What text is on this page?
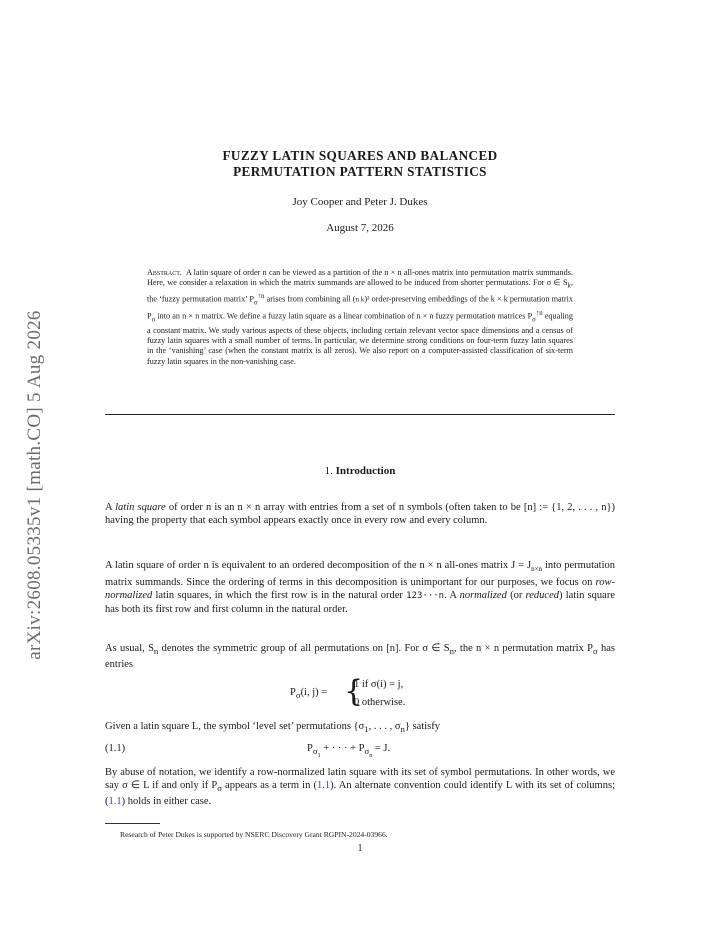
arXiv:2608.05335v1 [math.CO] 5 Aug 2026
FUZZY LATIN SQUARES AND BALANCED
PERMUTATION PATTERN STATISTICS
Joy Cooper and Peter J. Dukes
August 7, 2026
Abstract. A latin square of order n can be viewed as a partition of the n × n all-ones matrix into permutation matrix summands. Here, we consider a relaxation in which the matrix summands are allowed to be induced from shorter permutations. For σ ∈ $S_k$, the ‘fuzzy permutation matrix’ $P_\sigma^{↑n}$ arises from combining all (n k)² order-preserving embeddings of the k × k permutation matrix $P_\sigma$ into an n × n matrix. We define a fuzzy latin square as a linear combination of n × n fuzzy permutation matrices $P_\sigma^{↑n}$ equaling a constant matrix. We study various aspects of these objects, including certain relevant vector space dimensions and a census of fuzzy latin squares with a small number of terms. In particular, we determine strong conditions on four-term fuzzy latin squares in the ‘vanishing’ case (when the constant matrix is all zeros). We also report on a computer-assisted classification of six-term fuzzy latin squares in the non-vanishing case.
1. Introduction
A latin square of order n is an n × n array with entries from a set of n symbols (often taken to be [n] := {1, 2, . . . , n}) having the property that each symbol appears exactly once in every row and every column.
A latin square of order n is equivalent to an ordered decomposition of the n × n all-ones matrix $J = J_{n\times n}$ into permutation matrix summands. Since the ordering of terms in this decomposition is unimportant for our purposes, we focus on row-normalized latin squares, in which the first row is in the natural order 123···n. A normalized (or reduced) latin square has both its first row and first column in the natural order.
As usual, $S_n$ denotes the symmetric group of all permutations on [n]. For σ ∈ $S_n$, the n × n permutation matrix $P_\sigma$ has entries
$P_\sigma(i$, j) = {
1 if σ(i) = j,
0 otherwise.
Given a latin square L, the symbol ‘level set’ permutations {$\sigma_1$, . . . , $\sigma_n$} satisfy
(1.1)	$P_{\sigma_1}$ + · · · + $P_{\sigma_n} = J$.
By abuse of notation, we identify a row-normalized latin square with its set of symbol permutations. In other words, we say σ ∈ L if and only if $P_\sigma$ appears as a term in (1.1). An alternate convention could identify L with its set of columns; (1.1) holds in either case.
Research of Peter Dukes is supported by NSERC Discovery Grant RGPIN-2024-03966.
1
